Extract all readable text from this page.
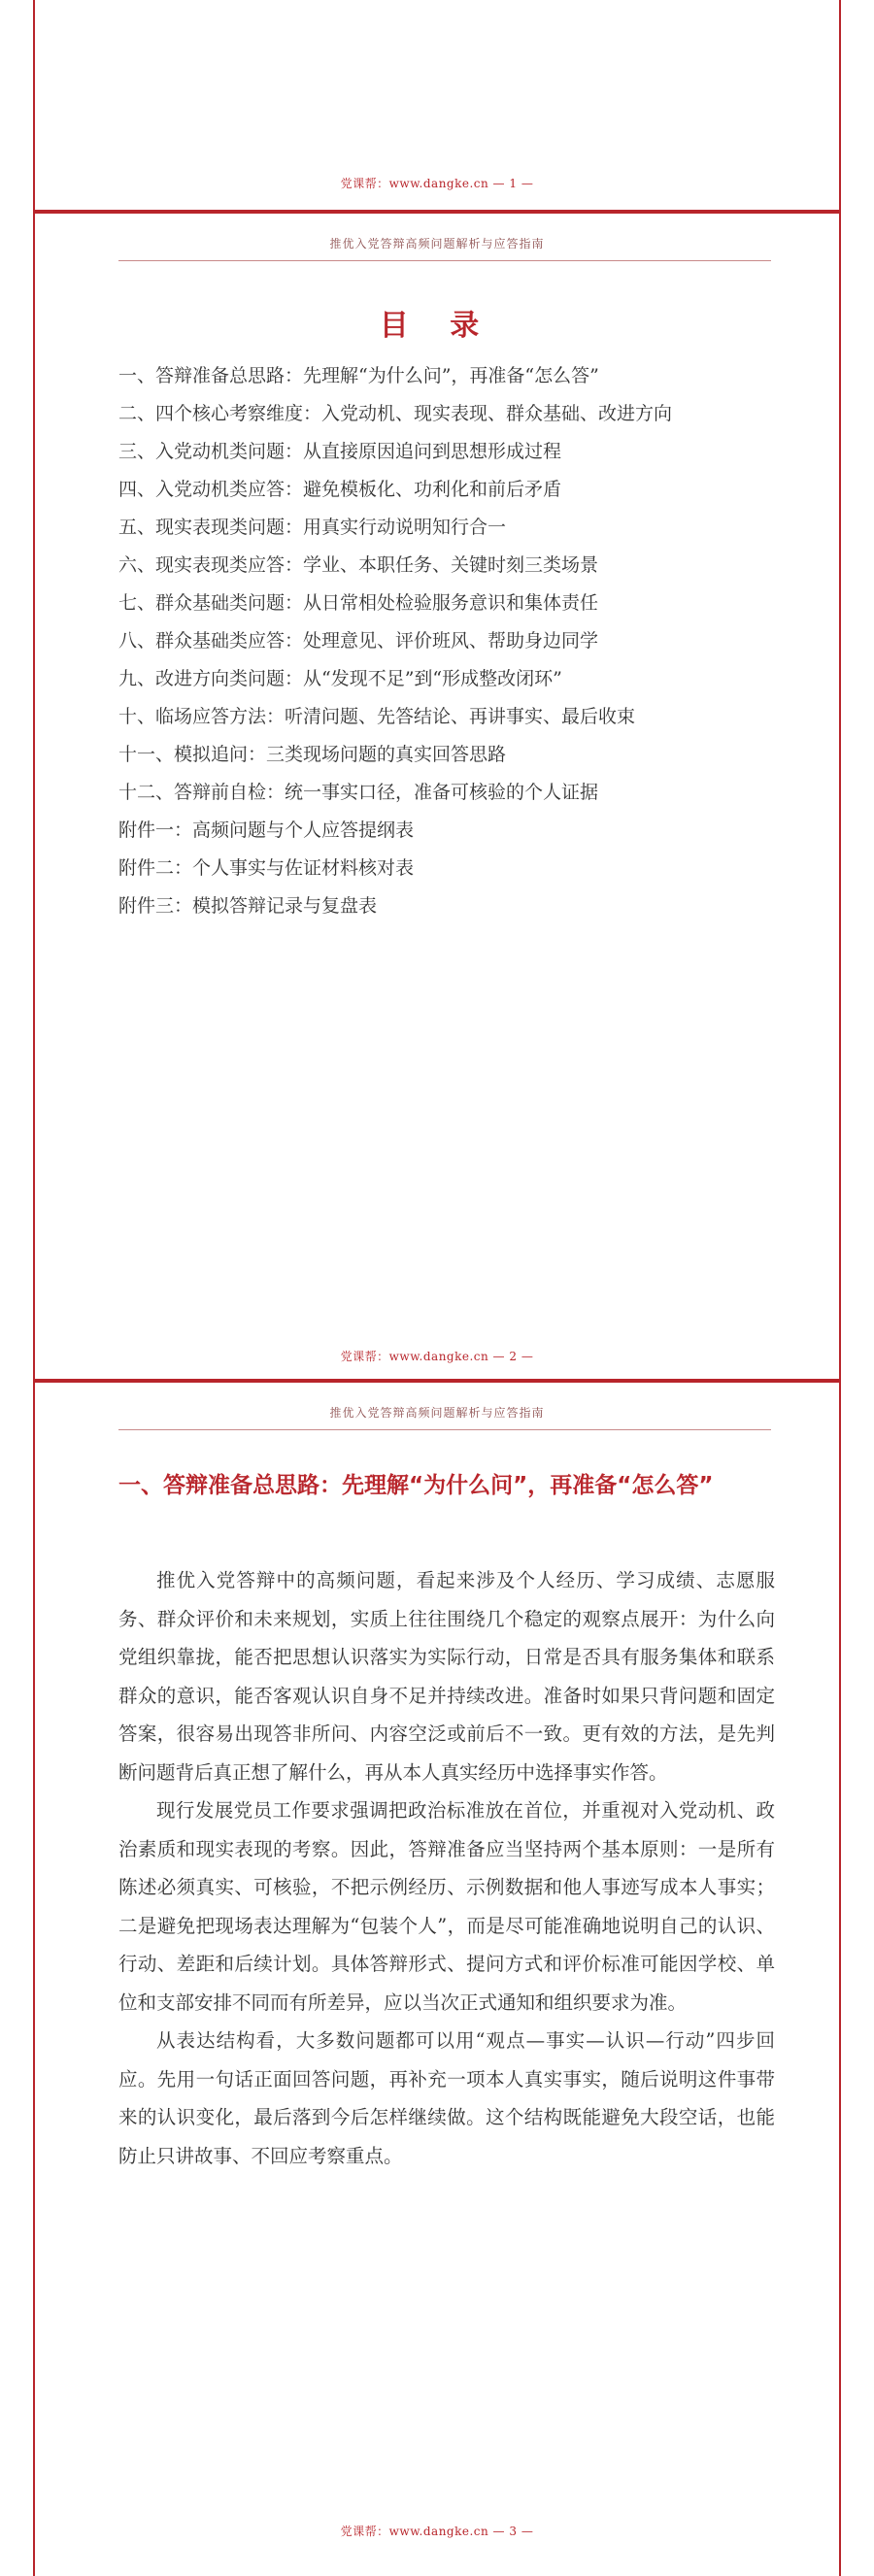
党课帮：www.dangke.cn — 1 —
推优入党答辩高频问题解析与应答指南
目 录
一、答辩准备总思路：先理解“为什么问”，再准备“怎么答”
二、四个核心考察维度：入党动机、现实表现、群众基础、改进方向
三、入党动机类问题：从直接原因追问到思想形成过程
四、入党动机类应答：避免模板化、功利化和前后矛盾
五、现实表现类问题：用真实行动说明知行合一
六、现实表现类应答：学业、本职任务、关键时刻三类场景
七、群众基础类问题：从日常相处检验服务意识和集体责任
八、群众基础类应答：处理意见、评价班风、帮助身边同学
九、改进方向类问题：从“发现不足”到“形成整改闭环”
十、临场应答方法：听清问题、先答结论、再讲事实、最后收束
十一、模拟追问：三类现场问题的真实回答思路
十二、答辩前自检：统一事实口径，准备可核验的个人证据
附件一：高频问题与个人应答提纲表
附件二：个人事实与佐证材料核对表
附件三：模拟答辩记录与复盘表
党课帮：www.dangke.cn — 2 —
推优入党答辩高频问题解析与应答指南
一、答辩准备总思路：先理解“为什么问”，再准备“怎么答”

推优入党答辩中的高频问题，看起来涉及个人经历、学习成绩、志愿服务、群众评价和未来规划，实质上往往围绕几个稳定的观察点展开：为什么向党组织靠拢，能否把思想认识落实为实际行动，日常是否具有服务集体和联系群众的意识，能否客观认识自身不足并持续改进。准备时如果只背问题和固定答案，很容易出现答非所问、内容空泛或前后不一致。更有效的方法，是先判断问题背后真正想了解什么，再从本人真实经历中选择事实作答。

现行发展党员工作要求强调把政治标准放在首位，并重视对入党动机、政治素质和现实表现的考察。因此，答辩准备应当坚持两个基本原则：一是所有陈述必须真实、可核验，不把示例经历、示例数据和他人事迹写成本人事实；二是避免把现场表达理解为“包装个人”，而是尽可能准确地说明自己的认识、行动、差距和后续计划。具体答辩形式、提问方式和评价标准可能因学校、单位和支部安排不同而有所差异，应以当次正式通知和组织要求为准。

从表达结构看，大多数问题都可以用“观点—事实—认识—行动”四步回应。先用一句话正面回答问题，再补充一项本人真实事实，随后说明这件事带来的认识变化，最后落到今后怎样继续做。这个结构既能避免大段空话，也能防止只讲故事、不回应考察重点。

党课帮：www.dangke.cn — 3 —
